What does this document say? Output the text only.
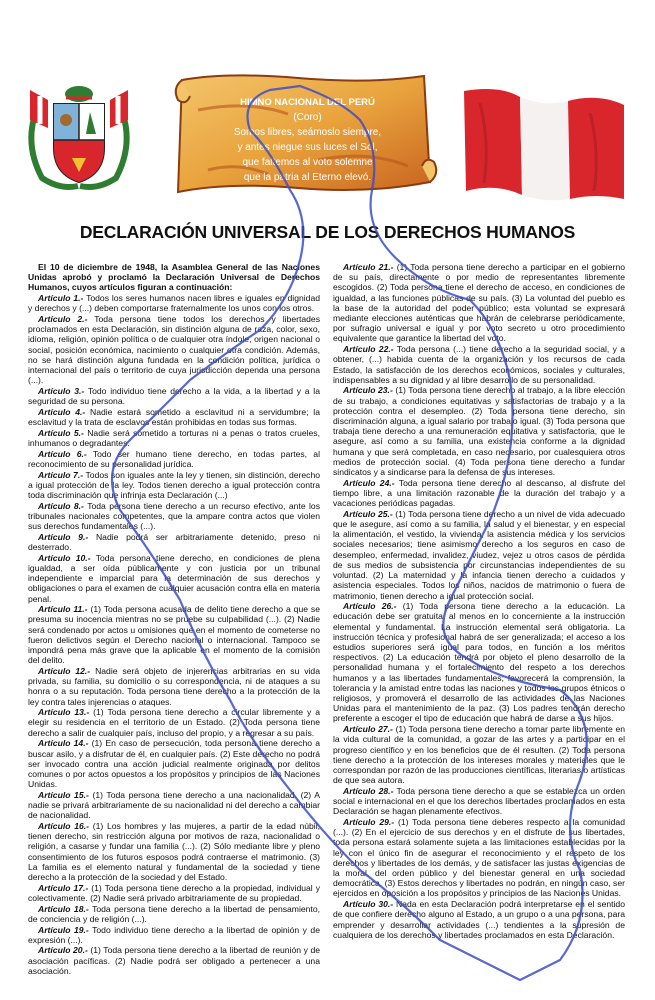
HIMNO NACIONAL DEL PERÚ
(Coro)
Somos libres, seámoslo siempre,
y antes niegue sus luces el Sol,
que faltemos al voto solemne
que la patria al Eterno elevó.
DECLARACIÓN UNIVERSAL DE LOS DERECHOS HUMANOS

El 10 de diciembre de 1948, la Asamblea General de las Naciones Unidas aprobó y proclamó la Declaración Universal de Derechos Humanos, cuyos artículos figuran a continuación:

Artículo 1.- Todos los seres humanos nacen libres e iguales en dignidad y derechos y (...) deben comportarse fraternalmente los unos con los otros.

Artículo 2.- Toda persona tiene todos los derechos y libertades proclamados en esta Declaración, sin distinción alguna de raza, color, sexo, idioma, religión, opinión política o de cualquier otra índole, origen nacional o social, posición económica, nacimiento o cualquier otra condición. Además, no se hará distinción alguna fundada en la condición política, jurídica o internacional del país o territorio de cuya jurisdicción dependa una persona (...).

Artículo 3.- Todo individuo tiene derecho a la vida, a la libertad y a la seguridad de su persona.

Artículo 4.- Nadie estará sometido a esclavitud ni a servidumbre; la esclavitud y la trata de esclavos están prohibidas en todas sus formas.

Artículo 5.- Nadie será sometido a torturas ni a penas o tratos crueles, inhumanos o degradantes.

Artículo 6.- Todo ser humano tiene derecho, en todas partes, al reconocimiento de su personalidad jurídica.

Artículo 7.- Todos son iguales ante la ley y tienen, sin distinción, derecho a igual protección de la ley. Todos tienen derecho a igual protección contra toda discriminación que infrinja esta Declaración (...)

Artículo 8.- Toda persona tiene derecho a un recurso efectivo, ante los tribunales nacionales competentes, que la ampare contra actos que violen sus derechos fundamentales (...).

Artículo 9.- Nadie podrá ser arbitrariamente detenido, preso ni desterrado.

Artículo 10.- Toda persona tiene derecho, en condiciones de plena igualdad, a ser oída públicamente y con justicia por un tribunal independiente e imparcial para la determinación de sus derechos y obligaciones o para el examen de cualquier acusación contra ella en materia penal.

Artículo 11.- (1) Toda persona acusada de delito tiene derecho a que se presuma su inocencia mientras no se pruebe su culpabilidad (...). (2) Nadie será condenado por actos u omisiones que en el momento de cometerse no fueron delictivos según el Derecho nacional o internacional. Tampoco se impondrá pena más grave que la aplicable en el momento de la comisión del delito.

Artículo 12.- Nadie será objeto de injerencias arbitrarias en su vida privada, su familia, su domicilio o su correspondencia, ni de ataques a su honra o a su reputación. Toda persona tiene derecho a la protección de la ley contra tales injerencias o ataques.

Artículo 13.- (1) Toda persona tiene derecho a circular libremente y a elegir su residencia en el territorio de un Estado. (2) Toda persona tiene derecho a salir de cualquier país, incluso del propio, y a regresar a su país.

Artículo 14.- (1) En caso de persecución, toda persona tiene derecho a buscar asilo, y a disfrutar de él, en cualquier país. (2) Este derecho no podrá ser invocado contra una acción judicial realmente originada por delitos comunes o por actos opuestos a los propósitos y principios de las Naciones Unidas.

Artículo 15.- (1) Toda persona tiene derecho a una nacionalidad. (2) A nadie se privará arbitrariamente de su nacionalidad ni del derecho a cambiar de nacionalidad.

Artículo 16.- (1) Los hombres y las mujeres, a partir de la edad núbil, tienen derecho, sin restricción alguna por motivos de raza, nacionalidad o religión, a casarse y fundar una familia (...). (2) Sólo mediante libre y pleno consentimiento de los futuros esposos podrá contraerse el matrimonio. (3) La familia es el elemento natural y fundamental de la sociedad y tiene derecho a la protección de la sociedad y del Estado.

Artículo 17.- (1) Toda persona tiene derecho a la propiedad, individual y colectivamente. (2) Nadie será privado arbitrariamente de su propiedad.

Artículo 18.- Toda persona tiene derecho a la libertad de pensamiento, de conciencia y de religión (...).

Artículo 19.- Todo individuo tiene derecho a la libertad de opinión y de expresión (...).

Artículo 20.- (1) Toda persona tiene derecho a la libertad de reunión y de asociación pacíficas. (2) Nadie podrá ser obligado a pertenecer a una asociación.

Artículo 21.- (1) Toda persona tiene derecho a participar en el gobierno de su país, directamente o por medio de representantes libremente escogidos. (2) Toda persona tiene el derecho de acceso, en condiciones de igualdad, a las funciones públicas de su país. (3) La voluntad del pueblo es la base de la autoridad del poder público; esta voluntad se expresará mediante elecciones auténticas que habrán de celebrarse periódicamente, por sufragio universal e igual y por voto secreto u otro procedimiento equivalente que garantice la libertad del voto.

Artículo 22.- Toda persona (...) tiene derecho a la seguridad social, y a obtener, (...) habida cuenta de la organización y los recursos de cada Estado, la satisfacción de los derechos económicos, sociales y culturales, indispensables a su dignidad y al libre desarrollo de su personalidad.

Artículo 23.- (1) Toda persona tiene derecho al trabajo, a la libre elección de su trabajo, a condiciones equitativas y satisfactorias de trabajo y a la protección contra el desempleo. (2) Toda persona tiene derecho, sin discriminación alguna, a igual salario por trabajo igual. (3) Toda persona que trabaja tiene derecho a una remuneración equitativa y satisfactoria, que le asegure, así como a su familia, una existencia conforme a la dignidad humana y que será completada, en caso necesario, por cualesquiera otros medios de protección social. (4) Toda persona tiene derecho a fundar sindicatos y a sindicarse para la defensa de sus intereses.

Artículo 24.- Toda persona tiene derecho al descanso, al disfrute del tiempo libre, a una limitación razonable de la duración del trabajo y a vacaciones periódicas pagadas.

Artículo 25.- (1) Toda persona tiene derecho a un nivel de vida adecuado que le asegure, así como a su familia, la salud y el bienestar, y en especial la alimentación, el vestido, la vivienda, la asistencia médica y los servicios sociales necesarios; tiene asimismo derecho a los seguros en caso de desempleo, enfermedad, invalidez, viudez, vejez u otros casos de pérdida de sus medios de subsistencia por circunstancias independientes de su voluntad. (2) La maternidad y la infancia tienen derecho a cuidados y asistencia especiales. Todos los niños, nacidos de matrimonio o fuera de matrimonio, tienen derecho a igual protección social.

Artículo 26.- (1) Toda persona tiene derecho a la educación. La educación debe ser gratuita, al menos en lo concerniente a la instrucción elemental y fundamental. La instrucción elemental será obligatoria. La instrucción técnica y profesional habrá de ser generalizada; el acceso a los estudios superiores será igual para todos, en función a los méritos respectivos. (2) La educación tendrá por objeto el pleno desarrollo de la personalidad humana y el fortalecimiento del respeto a los derechos humanos y a las libertades fundamentales; favorecerá la comprensión, la tolerancia y la amistad entre todas las naciones y todos los grupos étnicos o religiosos, y promoverá el desarrollo de las actividades de las Naciones Unidas para el mantenimiento de la paz. (3) Los padres tendrán derecho preferente a escoger el tipo de educación que habrá de darse a sus hijos.

Artículo 27.- (1) Toda persona tiene derecho a tomar parte libremente en la vida cultural de la comunidad, a gozar de las artes y a participar en el progreso científico y en los beneficios que de él resulten. (2) Toda persona tiene derecho a la protección de los intereses morales y materiales que le correspondan por razón de las producciones científicas, literarias o artísticas de que sea autora.

Artículo 28.- Toda persona tiene derecho a que se establezca un orden social e internacional en el que los derechos libertades proclamados en esta Declaración se hagan plenamente efectivos.

Artículo 29.- (1) Toda persona tiene deberes respecto a la comunidad (...). (2) En el ejercicio de sus derechos y en el disfrute de sus libertades, toda persona estará solamente sujeta a las limitaciones establecidas por la ley con el único fin de asegurar el reconocimiento y el respeto de los derechos y libertades de los demás, y de satisfacer las justas exigencias de la moral, del orden público y del bienestar general en una sociedad democrática. (3) Estos derechos y libertades no podrán, en ningún caso, ser ejercidos en oposición a los propósitos y principios de las Naciones Unidas.

Artículo 30.- Nada en esta Declaración podrá interpretarse en el sentido de que confiere derecho alguno al Estado, a un grupo o a una persona, para emprender y desarrollar actividades (...) tendientes a la supresión de cualquiera de los derechos y libertades proclamados en esta Declaración.
